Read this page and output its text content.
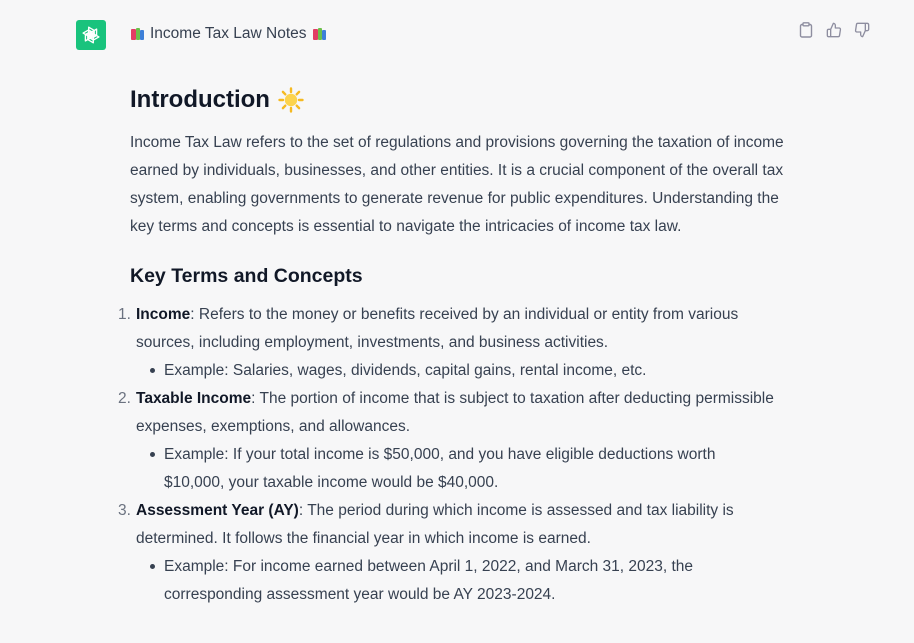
Income Tax Law Notes
Introduction

Income Tax Law refers to the set of regulations and provisions governing the taxation of income earned by individuals, businesses, and other entities. It is a crucial component of the overall tax system, enabling governments to generate revenue for public expenditures. Understanding the key terms and concepts is essential to navigate the intricacies of income tax law.

Key Terms and Concepts
1. Income: Refers to the money or benefits received by an individual or entity from various sources, including employment, investments, and business activities.
Example: Salaries, wages, dividends, capital gains, rental income, etc.
2. Taxable Income: The portion of income that is subject to taxation after deducting permissible expenses, exemptions, and allowances.
Example: If your total income is $50,000, and you have eligible deductions worth $10,000, your taxable income would be $40,000.
3. Assessment Year (AY): The period during which income is assessed and tax liability is determined. It follows the financial year in which income is earned.
Example: For income earned between April 1, 2022, and March 31, 2023, the corresponding assessment year would be AY 2023-2024.
